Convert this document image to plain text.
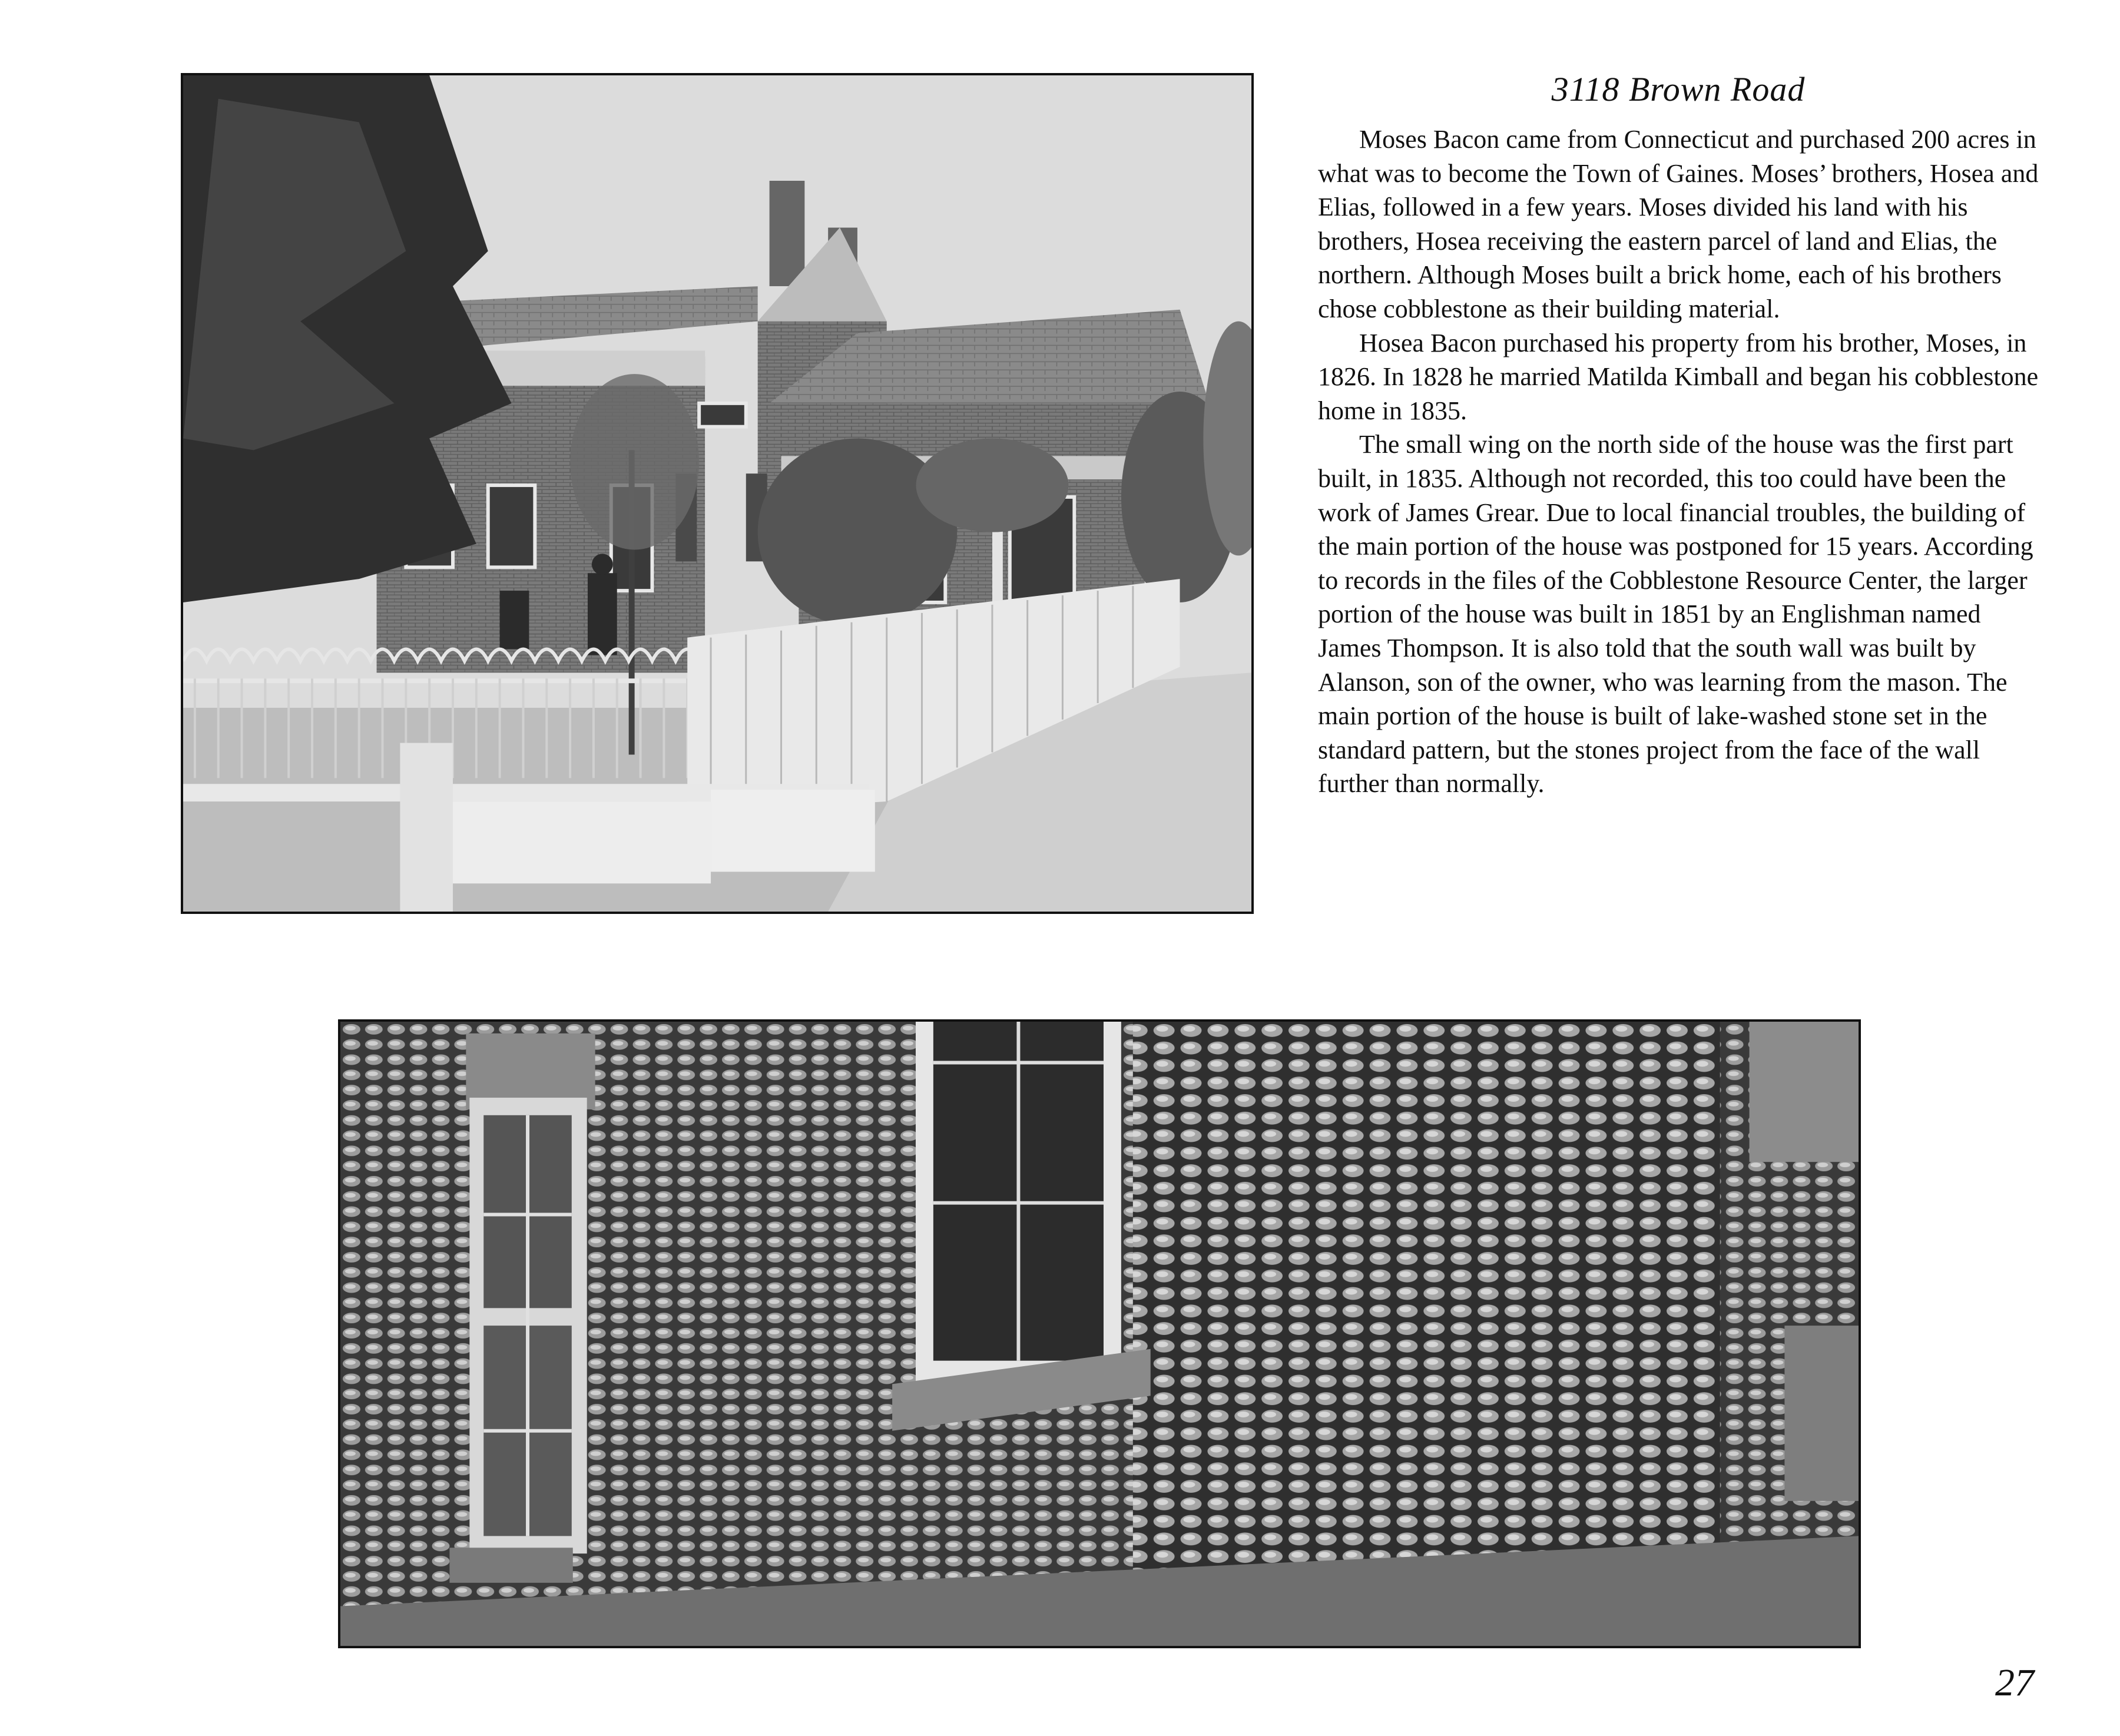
3118 Brown Road

Moses Bacon came from Connecticut and purchased 200 acres in what was to become the Town of Gaines. Moses’ brothers, Hosea and Elias, followed in a few years. Moses divided his land with his brothers, Hosea receiving the eastern parcel of land and Elias, the northern. Although Moses built a brick home, each of his brothers chose cobblestone as their building material.

Hosea Bacon purchased his property from his brother, Moses, in 1826. In 1828 he married Matilda Kimball and began his cobblestone home in 1835.

The small wing on the north side of the house was the first part built, in 1835. Although not recorded, this too could have been the work of James Grear. Due to local financial troubles, the building of the main portion of the house was postponed for 15 years. According to records in the files of the Cobblestone Resource Center, the larger portion of the house was built in 1851 by an Englishman named James Thompson. It is also told that the south wall was built by Alanson, son of the owner, who was learning from the mason. The main portion of the house is built of lake-washed stone set in the standard pattern, but the stones project from the face of the wall further than normally.

27
